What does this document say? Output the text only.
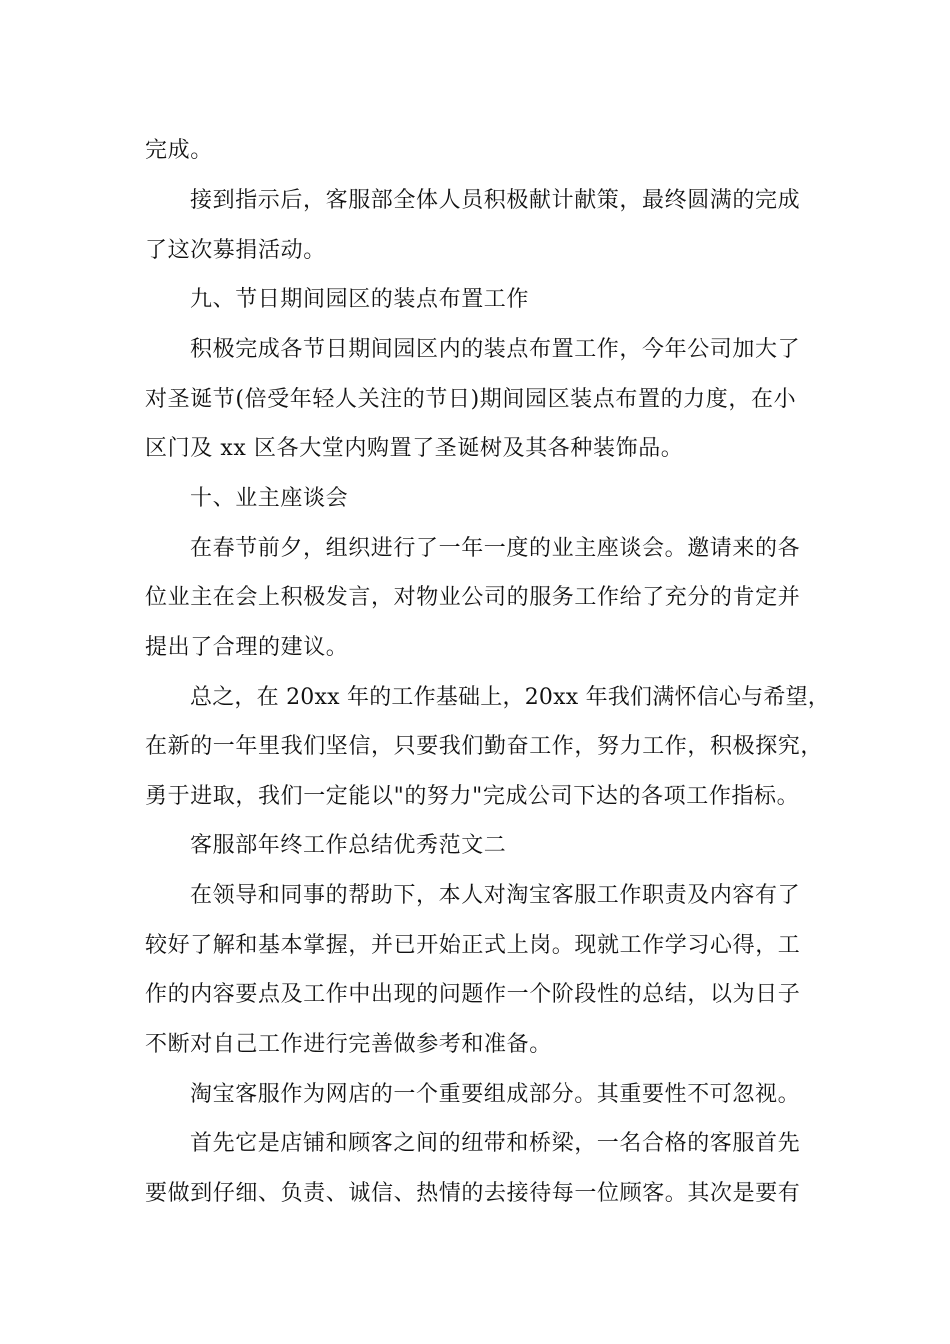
完成。
接到指示后，客服部全体人员积极献计献策，最终圆满的完成
了这次募捐活动。
九、节日期间园区的装点布置工作
积极完成各节日期间园区内的装点布置工作，今年公司加大了
对圣诞节(倍受年轻人关注的节日)期间园区装点布置的力度，在小
区门及 xx 区各大堂内购置了圣诞树及其各种装饰品。
十、业主座谈会
在春节前夕，组织进行了一年一度的业主座谈会。邀请来的各
位业主在会上积极发言，对物业公司的服务工作给了充分的肯定并
提出了合理的建议。
总之，在 20xx 年的工作基础上，20xx 年我们满怀信心与希望，
在新的一年里我们坚信，只要我们勤奋工作，努力工作，积极探究，
勇于进取，我们一定能以"的努力"完成公司下达的各项工作指标。
客服部年终工作总结优秀范文二
在领导和同事的帮助下，本人对淘宝客服工作职责及内容有了
较好了解和基本掌握，并已开始正式上岗。现就工作学习心得，工
作的内容要点及工作中出现的问题作一个阶段性的总结，以为日子
不断对自己工作进行完善做参考和准备。
淘宝客服作为网店的一个重要组成部分。其重要性不可忽视。
首先它是店铺和顾客之间的纽带和桥梁，一名合格的客服首先
要做到仔细、负责、诚信、热情的去接待每一位顾客。其次是要有
